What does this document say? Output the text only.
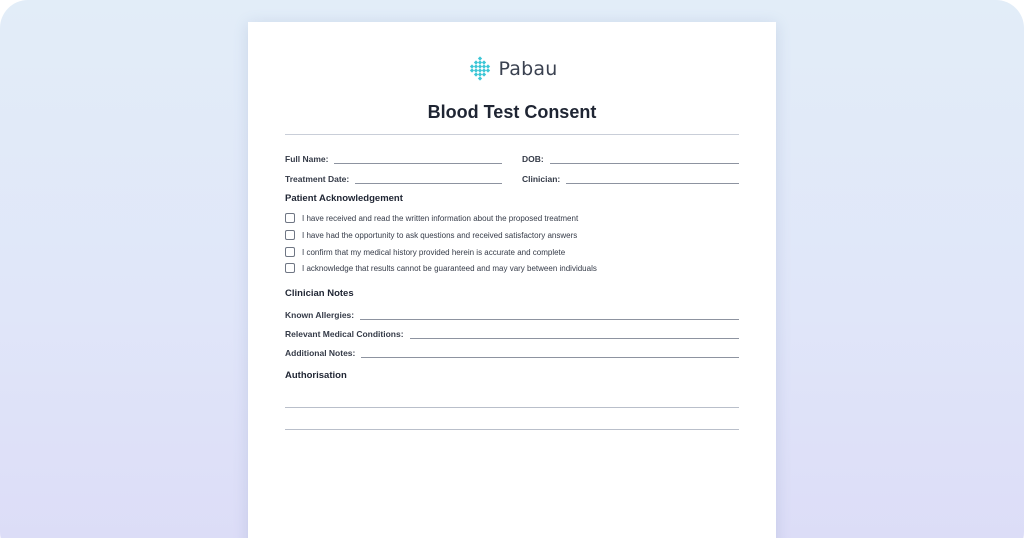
Pabau
Blood Test Consent
Full Name:	DOB:
Treatment Date:	Clinician:
Patient Acknowledgement
I have received and read the written information about the proposed treatment
I have had the opportunity to ask questions and received satisfactory answers
I confirm that my medical history provided herein is accurate and complete
I acknowledge that results cannot be guaranteed and may vary between individuals
Clinician Notes
Known Allergies:
Relevant Medical Conditions:
Additional Notes:
Authorisation
